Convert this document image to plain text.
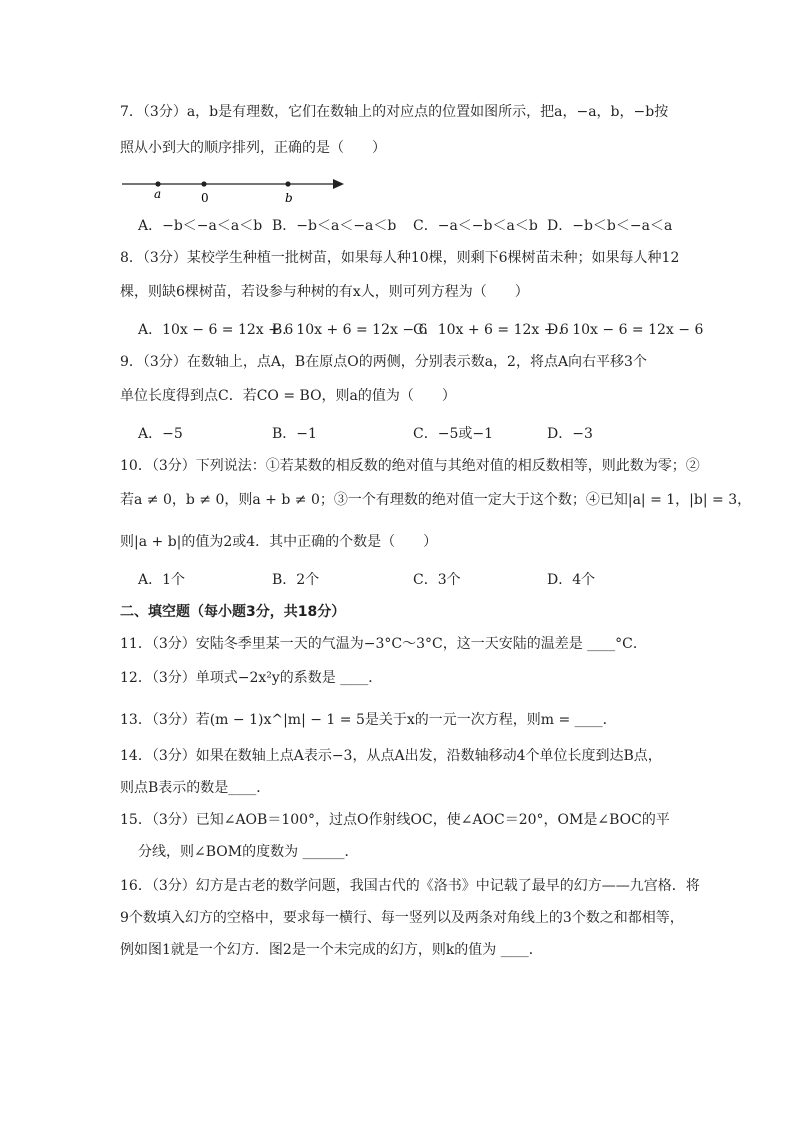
7．（3分）a，b是有理数，它们在数轴上的对应点的位置如图所示，把a，−a，b，−b按
照从小到大的顺序排列，正确的是（　　）
a	0	b
A．−b＜−a＜a＜b B．−b＜a＜−a＜b C．−a＜−b＜a＜b D．−b＜b＜−a＜a
8．（3分）某校学生种植一批树苗，如果每人种10棵，则剩下6棵树苗未种；如果每人种12
棵，则缺6棵树苗，若设参与种树的有x人，则可列方程为（　　）
A．10x − 6 = 12x + 6
B．10x + 6 = 12x − 6
C．10x + 6 = 12x + 6
D．10x − 6 = 12x − 6
9．（3分）在数轴上，点A，B在原点O的两侧，分别表示数a，2，将点A向右平移3个
单位长度得到点C．若CO = BO，则a的值为（　　）
A．−5	B．−1	C．−5或−1	D．−3
10．（3分）下列说法：①若某数的相反数的绝对值与其绝对值的相反数相等，则此数为零；②
若a ≠ 0，b ≠ 0，则a + b ≠ 0；③一个有理数的绝对值一定大于这个数；④已知|a| = 1，|b| = 3，
则|a + b|的值为2或4．其中正确的个数是（　　）
A．1个	B．2个	C．3个	D．4个
二、填空题（每小题3分，共18分）
11．（3分）安陆冬季里某一天的气温为−3°C～3°C，这一天安陆的温差是 ____°C．
12．（3分）单项式−2x²y的系数是 ____．
13．（3分）若(m − 1)x^|m| − 1 = 5是关于x的一元一次方程，则m = ____．
14．（3分）如果在数轴上点A表示−3，从点A出发，沿数轴移动4个单位长度到达B点，
则点B表示的数是____．
15．（3分）已知∠AOB＝100°，过点O作射线OC，使∠AOC＝20°，OM是∠BOC的平
分线，则∠BOM的度数为 ______．
16．（3分）幻方是古老的数学问题，我国古代的《洛书》中记载了最早的幻方——九宫格．将
9个数填入幻方的空格中，要求每一横行、每一竖列以及两条对角线上的3个数之和都相等，
例如图1就是一个幻方．图2是一个未完成的幻方，则k的值为 ____．
